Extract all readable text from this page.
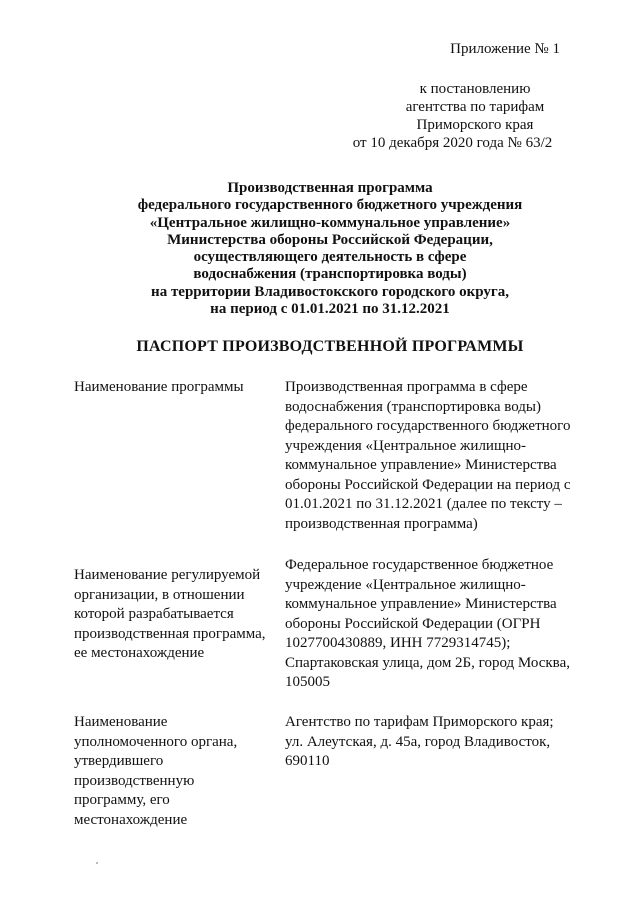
Приложение № 1
к постановлению
агентства по тарифам
Приморского края
от 10 декабря 2020 года № 63/2
Производственная программа
федерального государственного бюджетного учреждения
«Центральное жилищно-коммунальное управление»
Министерства обороны Российской Федерации,
осуществляющего деятельность в сфере
водоснабжения (транспортировка воды)
на территории Владивостокского городского округа,
на период с 01.01.2021 по 31.12.2021
ПАСПОРТ ПРОИЗВОДСТВЕННОЙ ПРОГРАММЫ
Наименование программы	Производственная программа в сфере
водоснабжения (транспортировка воды)
федерального государственного бюджетного
учреждения «Центральное жилищно-
коммунальное управление» Министерства
обороны Российской Федерации на период с
01.01.2021 по 31.12.2021 (далее по тексту –
производственная программа)
Наименование регулируемой
организации, в отношении
которой разрабатывается
производственная программа,
ее местонахождение
Федеральное государственное бюджетное
учреждение «Центральное жилищно-
коммунальное управление» Министерства
обороны Российской Федерации (ОГРН
1027700430889, ИНН 7729314745);
Спартаковская улица, дом 2Б, город Москва,
105005
Наименование
уполномоченного органа,
утвердившего
производственную
программу, его
местонахождение
Агентство по тарифам Приморского края;
ул. Алеутская, д. 45а, город Владивосток,
690110
